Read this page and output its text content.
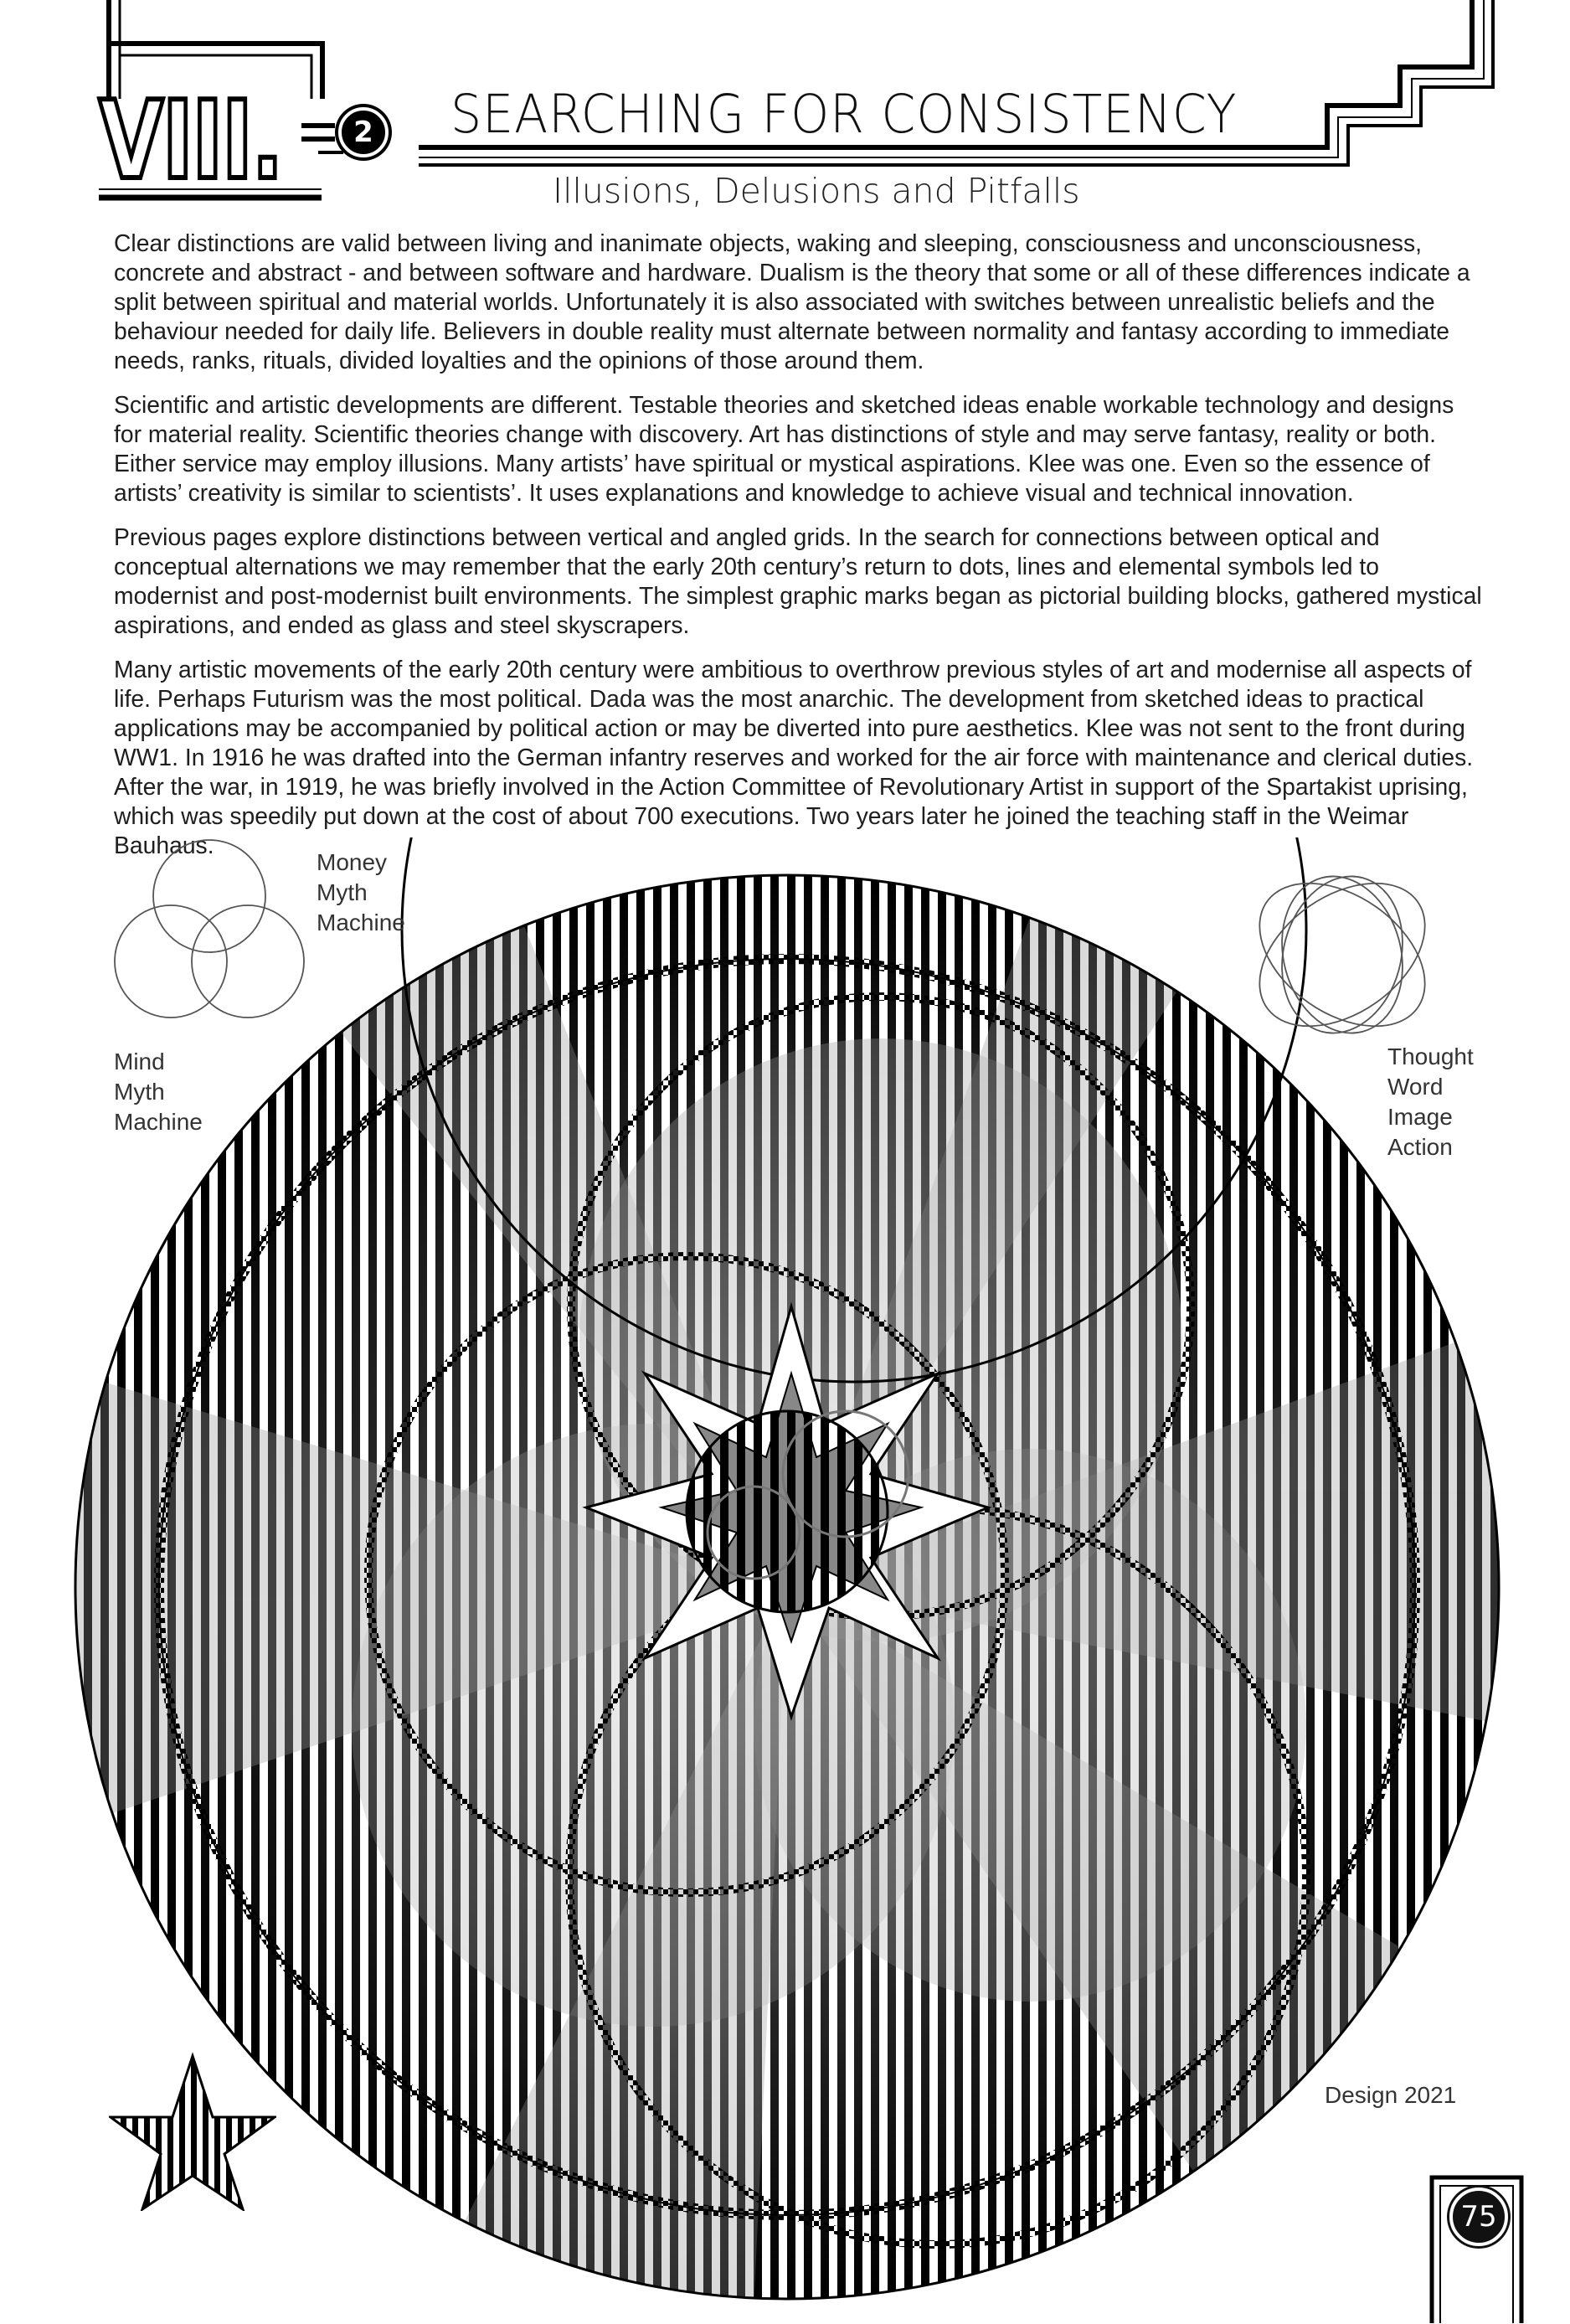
VIII.	2 SEARCHING FOR CONSISTENCY
Illusions, Delusions and Pitfalls

Clear distinctions are valid between living and inanimate objects, waking and sleeping, consciousness and unconsciousness, concrete and abstract - and between software and hardware. Dualism is the theory that some or all of these differences indicate a split between spiritual and material worlds. Unfortunately it is also associated with switches between unrealistic beliefs and the behaviour needed for daily life. Believers in double reality must alternate between normality and fantasy according to immediate needs, ranks, rituals, divided loyalties and the opinions of those around them.

Scientific and artistic developments are different. Testable theories and sketched ideas enable workable technology and designs for material reality. Scientific theories change with discovery. Art has distinctions of style and may serve fantasy, reality or both. Either service may employ illusions. Many artists’ have spiritual or mystical aspirations. Klee was one. Even so the essence of artists’ creativity is similar to scientists’. It uses explanations and knowledge to achieve visual and technical innovation.

Previous pages explore distinctions between vertical and angled grids. In the search for connections between optical and conceptual alternations we may remember that the early 20th century’s return to dots, lines and elemental symbols led to modernist and post-modernist built environments. The simplest graphic marks began as pictorial building blocks, gathered mystical aspirations, and ended as glass and steel skyscrapers.

Many artistic movements of the early 20th century were ambitious to overthrow previous styles of art and modernise all aspects of life. Perhaps Futurism was the most political. Dada was the most anarchic. The development from sketched ideas to practical applications may be accompanied by political action or may be diverted into pure aesthetics. Klee was not sent to the front during WW1. In 1916 he was drafted into the German infantry reserves and worked for the air force with maintenance and clerical duties. After the war, in 1919, he was briefly involved in the Action Committee of Revolutionary Artist in support of the Spartakist uprising, which was speedily put down at the cost of about 700 executions. Two years later he joined the teaching staff in the Weimar Bauhaus.

Money
Myth
Machine
Mind
Myth
Machine
Thought
Word
Image
Action
Design 2021
75
